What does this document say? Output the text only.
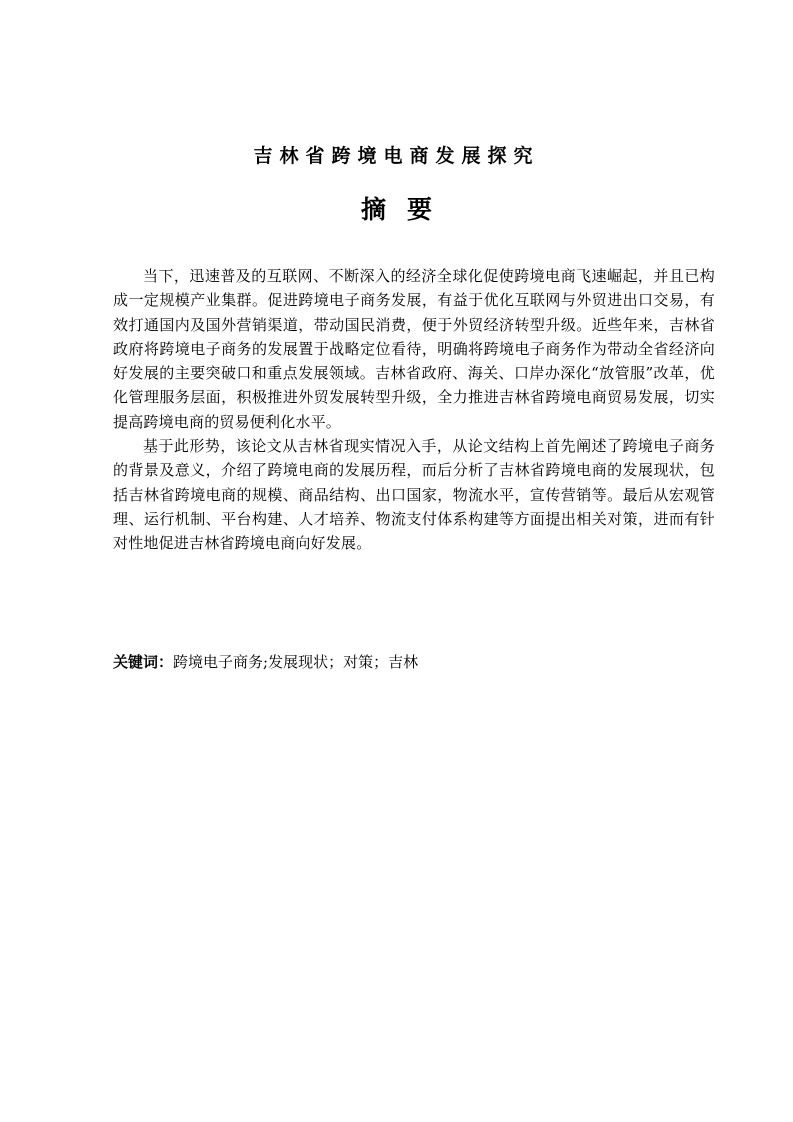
吉林省跨境电商发展探究
摘要

当下，迅速普及的互联网、不断深入的经济全球化促使跨境电商飞速崛起，并且已构成一定规模产业集群。促进跨境电子商务发展，有益于优化互联网与外贸进出口交易，有效打通国内及国外营销渠道，带动国民消费，便于外贸经济转型升级。近些年来，吉林省政府将跨境电子商务的发展置于战略定位看待，明确将跨境电子商务作为带动全省经济向好发展的主要突破口和重点发展领域。吉林省政府、海关、口岸办深化“放管服”改革，优化管理服务层面，积极推进外贸发展转型升级，全力推进吉林省跨境电商贸易发展，切实提高跨境电商的贸易便利化水平。

基于此形势，该论文从吉林省现实情况入手，从论文结构上首先阐述了跨境电子商务的背景及意义，介绍了跨境电商的发展历程，而后分析了吉林省跨境电商的发展现状，包括吉林省跨境电商的规模、商品结构、出口国家，物流水平，宣传营销等。最后从宏观管理、运行机制、平台构建、人才培养、物流支付体系构建等方面提出相关对策，进而有针对性地促进吉林省跨境电商向好发展。

关键词：跨境电子商务;发展现状；对策；吉林
